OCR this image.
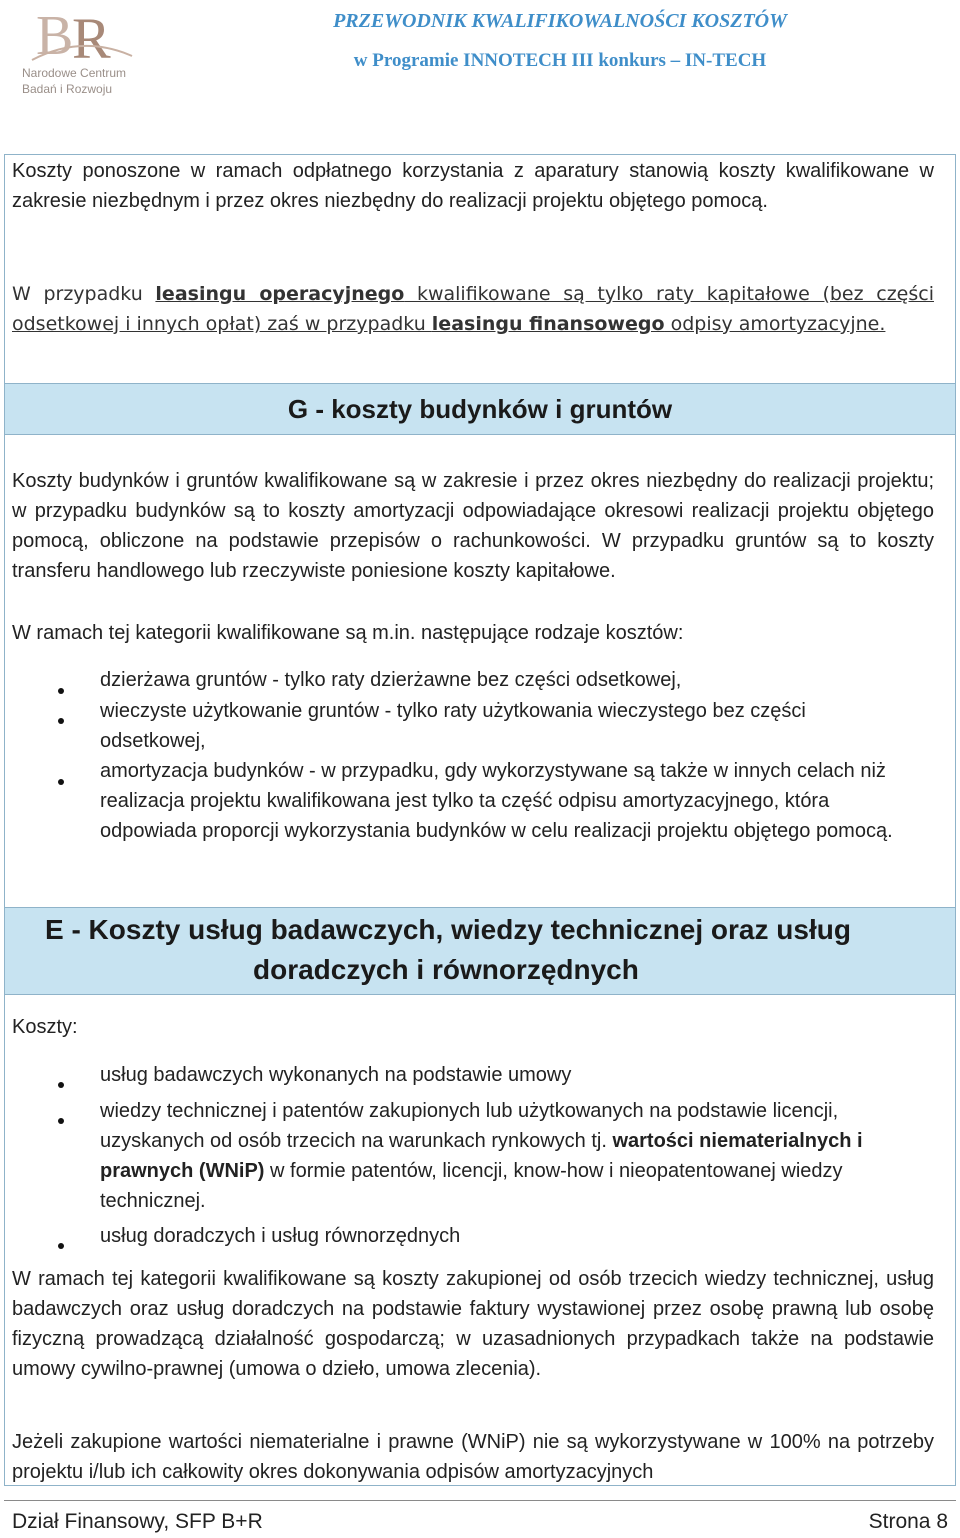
B
R
Narodowe Centrum
Badań i Rozwoju
PRZEWODNIK KWALIFIKOWALNOŚCI KOSZTÓW
w Programie INNOTECH III konkurs – IN-TECH

Koszty ponoszone w ramach odpłatnego korzystania z aparatury stanowią koszty kwalifikowane w zakresie niezbędnym i przez okres niezbędny do realizacji projektu objętego pomocą.

W przypadku leasingu operacyjnego kwalifikowane są tylko raty kapitałowe (bez części odsetkowej i innych opłat) zaś w przypadku leasingu finansowego odpisy amortyzacyjne.

G - koszty budynków i gruntów

Koszty budynków i gruntów kwalifikowane są w zakresie i przez okres niezbędny do realizacji projektu; w przypadku budynków są to koszty amortyzacji odpowiadające okresowi realizacji projektu objętego pomocą, obliczone na podstawie przepisów o rachunkowości. W przypadku gruntów są to koszty transferu handlowego lub rzeczywiste poniesione koszty kapitałowe.

W ramach tej kategorii kwalifikowane są m.in. następujące rodzaje kosztów:

dzierżawa gruntów - tylko raty dzierżawne bez części odsetkowej,
wieczyste użytkowanie gruntów - tylko raty użytkowania wieczystego bez części odsetkowej,
amortyzacja budynków - w przypadku, gdy wykorzystywane są także w innych celach niż realizacja projektu kwalifikowana jest tylko ta część odpisu amortyzacyjnego, która odpowiada proporcji wykorzystania budynków w celu realizacji projektu objętego pomocą.
E - Koszty usług badawczych, wiedzy technicznej oraz usług
doradczych i równorzędnych

Koszty:

usług badawczych wykonanych na podstawie umowy
wiedzy technicznej i patentów zakupionych lub użytkowanych na podstawie licencji, uzyskanych od osób trzecich na warunkach rynkowych tj. wartości niematerialnych i prawnych (WNiP) w formie patentów, licencji, know-how i nieopatentowanej wiedzy technicznej.
usług doradczych i usług równorzędnych

W ramach tej kategorii kwalifikowane są koszty zakupionej od osób trzecich wiedzy technicznej, usług badawczych oraz usług doradczych na podstawie faktury wystawionej przez osobę prawną lub osobę fizyczną prowadzącą działalność gospodarczą; w uzasadnionych przypadkach także na podstawie umowy cywilno-prawnej (umowa o dzieło, umowa zlecenia).

Jeżeli zakupione wartości niematerialne i prawne (WNiP) nie są wykorzystywane w 100% na potrzeby projektu i/lub ich całkowity okres dokonywania odpisów amortyzacyjnych

Dział Finansowy, SFP B+R	Strona 8
